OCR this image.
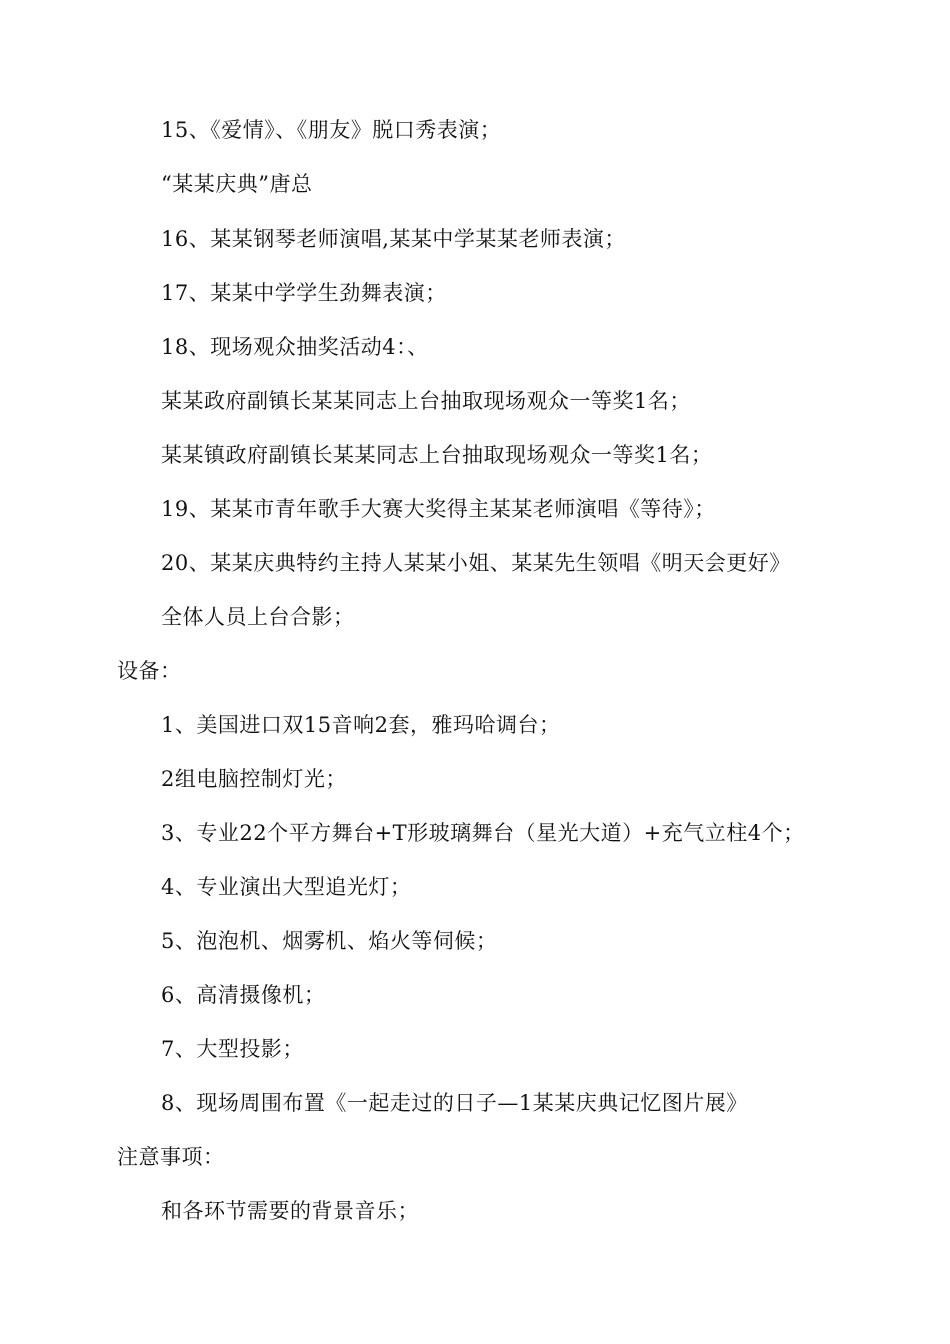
15、《爱情》、《朋友》脱口秀表演；
“某某庆典”唐总
16、某某钢琴老师演唱,某某中学某某老师表演；
17、某某中学学生劲舞表演；
18、现场观众抽奖活动4：、
某某政府副镇长某某同志上台抽取现场观众一等奖1名；
某某镇政府副镇长某某同志上台抽取现场观众一等奖1名；
19、某某市青年歌手大赛大奖得主某某老师演唱《等待》；
20、某某庆典特约主持人某某小姐、某某先生领唱《明天会更好》
全体人员上台合影；
设备：
1、美国进口双15音响2套，雅玛哈调台；
2组电脑控制灯光；
3、专业22个平方舞台+T形玻璃舞台（星光大道）+充气立柱4个；
4、专业演出大型追光灯；
5、泡泡机、烟雾机、焰火等伺候；
6、高清摄像机；
7、大型投影；
8、现场周围布置《一起走过的日子—1某某庆典记忆图片展》
注意事项：
和各环节需要的背景音乐；
